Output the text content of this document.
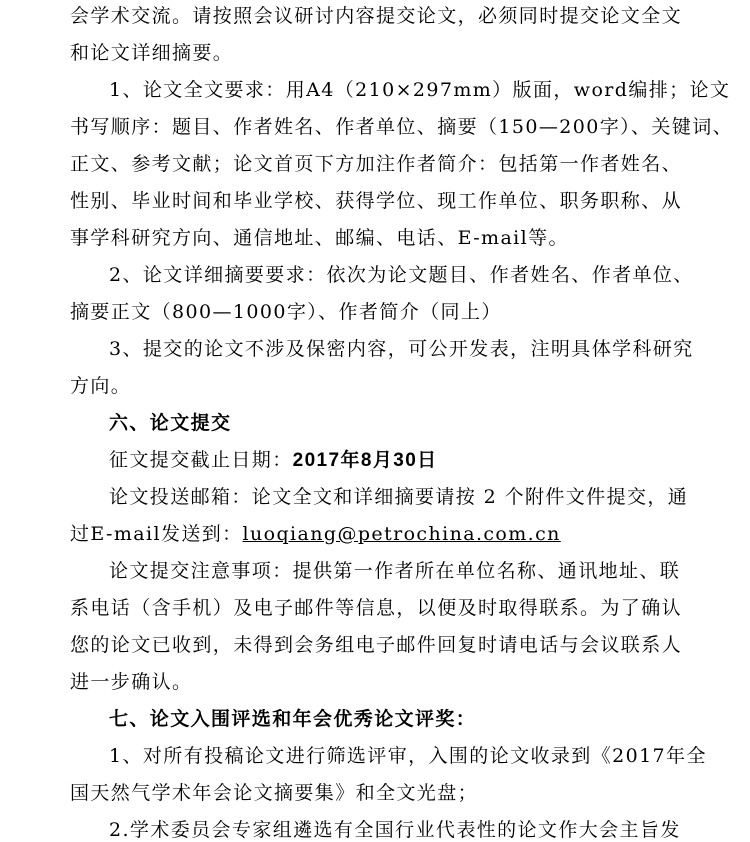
会学术交流。请按照会议研讨内容提交论文，必须同时提交论文全文
和论文详细摘要。
1、论文全文要求：用A4（210×297mm）版面，word编排；论文
书写顺序：题目、作者姓名、作者单位、摘要（150—200字）、关键词、
正文、参考文献；论文首页下方加注作者简介：包括第一作者姓名、
性别、毕业时间和毕业学校、获得学位、现工作单位、职务职称、从
事学科研究方向、通信地址、邮编、电话、E-mail等。
2、论文详细摘要要求：依次为论文题目、作者姓名、作者单位、
摘要正文（800—1000字）、作者简介（同上）
3、提交的论文不涉及保密内容，可公开发表，注明具体学科研究
方向。
六、论文提交
征文提交截止日期：2017年8月30日
论文投送邮箱：论文全文和详细摘要请按 2 个附件文件提交，通
过E-mail发送到：luoqiang@petrochina.com.cn
论文提交注意事项：提供第一作者所在单位名称、通讯地址、联
系电话（含手机）及电子邮件等信息，以便及时取得联系。为了确认
您的论文已收到，未得到会务组电子邮件回复时请电话与会议联系人
进一步确认。
七、论文入围评选和年会优秀论文评奖：
1、对所有投稿论文进行筛选评审，入围的论文收录到《2017年全
国天然气学术年会论文摘要集》和全文光盘；
2.学术委员会专家组遴选有全国行业代表性的论文作大会主旨发
